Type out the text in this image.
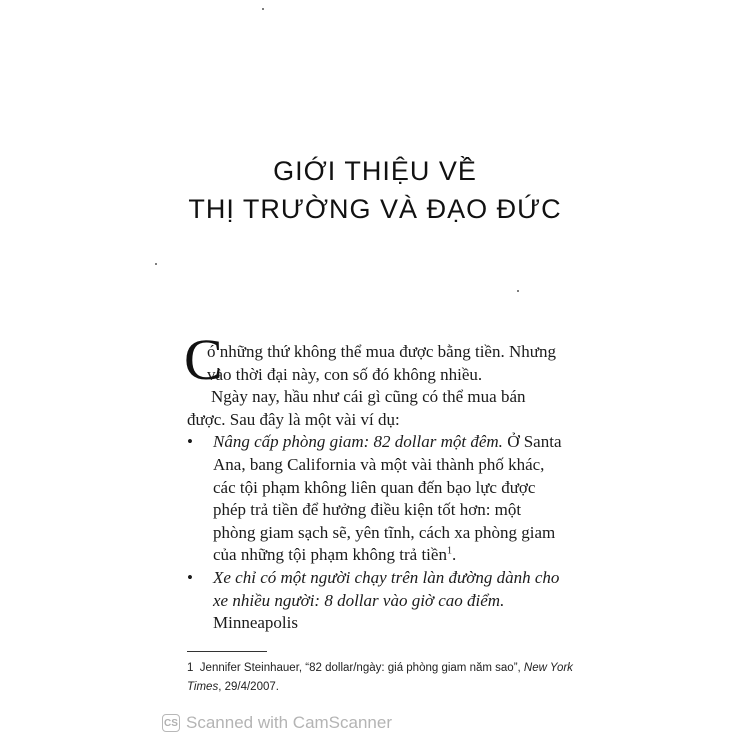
GIỚI THIỆU VỀ
THỊ TRƯỜNG VÀ ĐẠO ĐỨC

C
ó những thứ không thể mua được bằng tiền. Nhưng vào thời đại này, con số đó không nhiều.

Ngày nay, hầu như cái gì cũng có thể mua bán được. Sau đây là một vài ví dụ:

• Nâng cấp phòng giam: 82 dollar một đêm. Ở Santa Ana, bang California và một vài thành phố khác, các tội phạm không liên quan đến bạo lực được phép trả tiền để hưởng điều kiện tốt hơn: một phòng giam sạch sẽ, yên tĩnh, cách xa phòng giam của những tội phạm không trả tiền$^1$.
• Xe chỉ có một người chạy trên làn đường dành cho xe nhiều người: 8 dollar vào giờ cao điểm. Minneapolis
1 Jennifer Steinhauer, “82 dollar/ngày: giá phòng giam năm sao”, New York Times, 29/4/2007.
CS Scanned with CamScanner
